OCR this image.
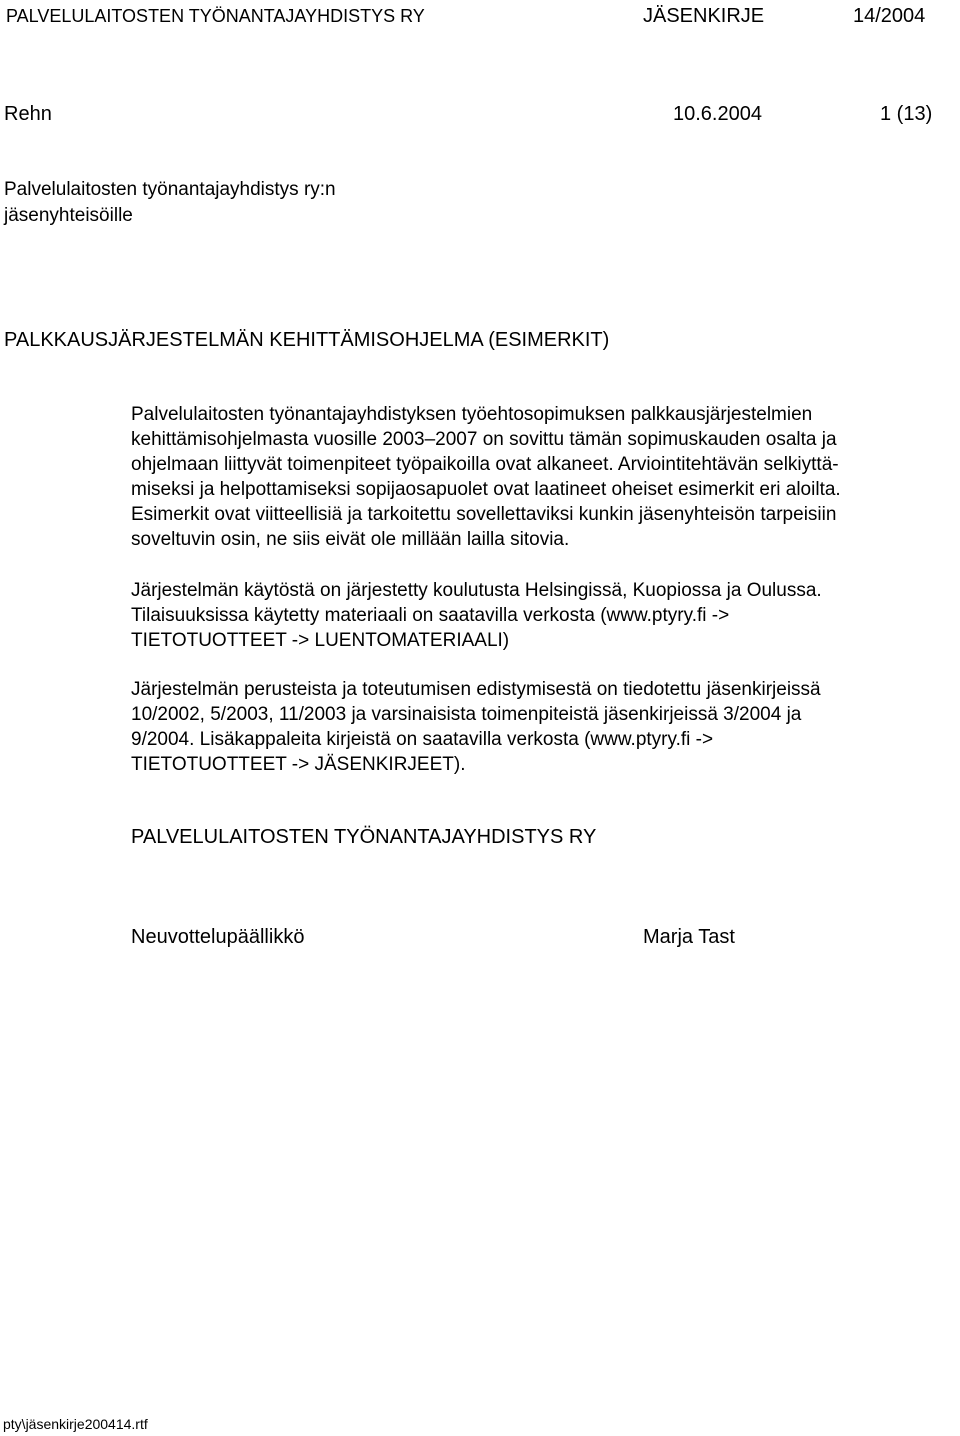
PALVELULAITOSTEN TYÖNANTAJAYHDISTYS RY	JÄSENKIRJE	14/2004
Rehn	10.6.2004	1 (13)
Palvelulaitosten työnantajayhdistys ry:n
jäsenyhteisöille
PALKKAUSJÄRJESTELMÄN KEHITTÄMISOHJELMA (ESIMERKIT)
Palvelulaitosten työnantajayhdistyksen työehtosopimuksen palkkausjärjestelmien
kehittämisohjelmasta vuosille 2003–2007 on sovittu tämän sopimuskauden osalta ja
ohjelmaan liittyvät toimenpiteet työpaikoilla ovat alkaneet. Arviointitehtävän selkiyttä-
miseksi ja helpottamiseksi sopijaosapuolet ovat laatineet oheiset esimerkit eri aloilta.
Esimerkit ovat viitteellisiä ja tarkoitettu sovellettaviksi kunkin jäsenyhteisön tarpeisiin
soveltuvin osin, ne siis eivät ole millään lailla sitovia.
Järjestelmän käytöstä on järjestetty koulutusta Helsingissä, Kuopiossa ja Oulussa.
Tilaisuuksissa käytetty materiaali on saatavilla verkosta (www.ptyry.fi ->
TIETOTUOTTEET -> LUENTOMATERIAALI)
Järjestelmän perusteista ja toteutumisen edistymisestä on tiedotettu jäsenkirjeissä
10/2002, 5/2003, 11/2003 ja varsinaisista toimenpiteistä jäsenkirjeissä 3/2004 ja
9/2004. Lisäkappaleita kirjeistä on saatavilla verkosta (www.ptyry.fi ->
TIETOTUOTTEET -> JÄSENKIRJEET).
PALVELULAITOSTEN TYÖNANTAJAYHDISTYS RY
Neuvottelupäällikkö	Marja Tast
pty\jäsenkirje200414.rtf
